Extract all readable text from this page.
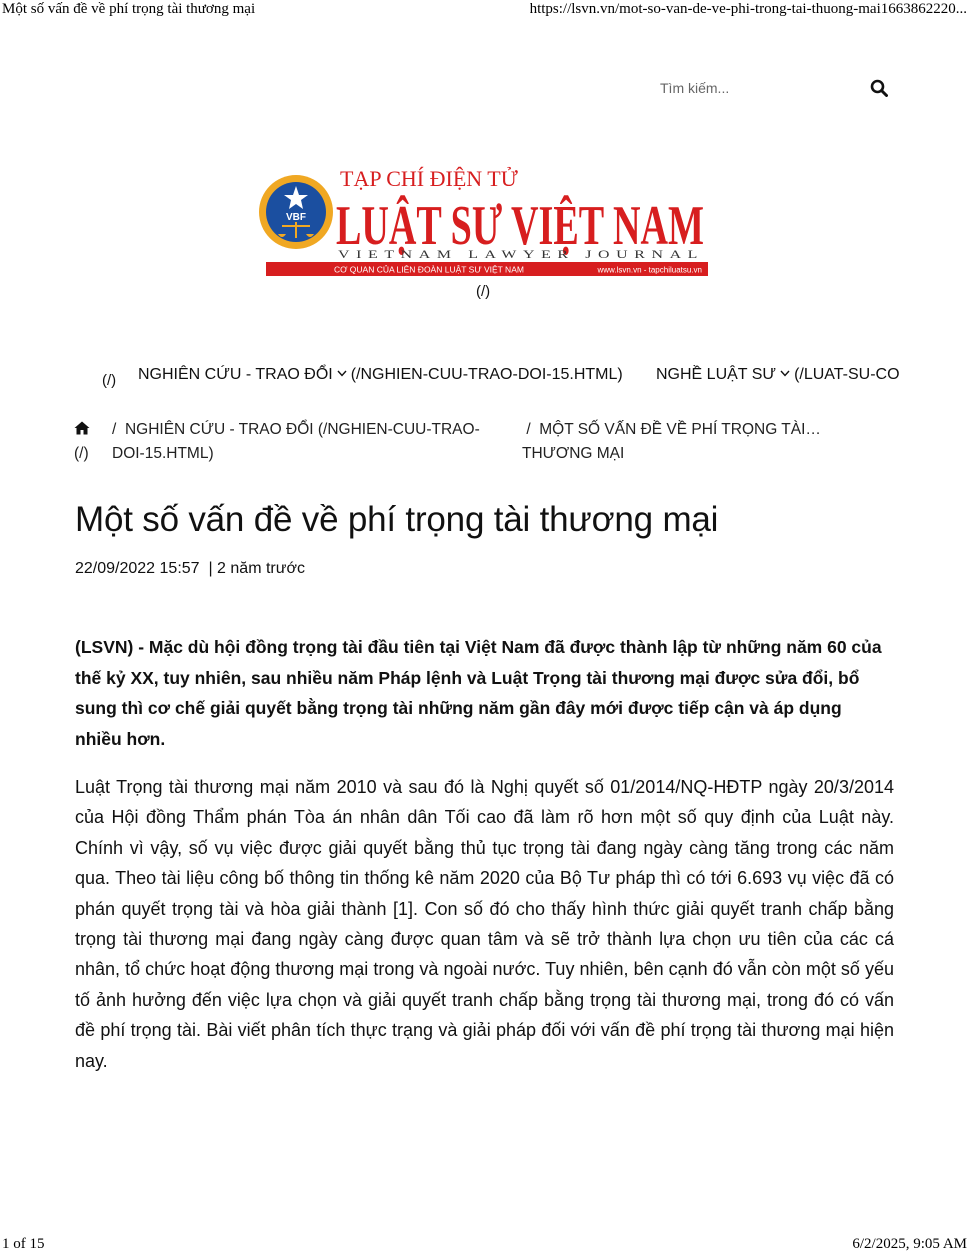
Một số vấn đề về phí trọng tài thương mại	https://lsvn.vn/mot-so-van-de-ve-phi-trong-tai-thuong-mai1663862220...
Tìm kiếm...
VBF
TẠP CHÍ ĐIỆN TỬ
LUẬT SƯ VIỆ
VIETNAM LAWYER JOURNAL
CƠ QUAN CỦA LIÊN ĐOÀN LUẬT SƯ VIỆT NAM	www.lsvn.vn - tapchiluatsu.vn
(/)
(/) NGHIÊN CỨU - TRAO ĐỔI (/NGHIEN-CUU-TRAO-DOI-15.HTML) NGHỀ LUẬT SƯ (/LUAT-SU-CO

(/)
/ NGHIÊN CỨU - TRAO ĐỔI (/NGHIEN-CUU-TRAO-DOI-15.HTML)
/ MỘT SỐ VẤN ĐỀ VỀ PHÍ TRỌNG TÀI… THƯƠNG MẠI
Một số vấn đề về phí trọng tài thương mại
22/09/2022 15:57 | 2 năm trước

(LSVN) - Mặc dù hội đồng trọng tài đầu tiên tại Việt Nam đã được thành lập từ những năm 60 của thế kỷ XX, tuy nhiên, sau nhiều năm Pháp lệnh và Luật Trọng tài thương mại được sửa đổi, bổ sung thì cơ chế giải quyết bằng trọng tài những năm gần đây mới được tiếp cận và áp dụng nhiều hơn.

Luật Trọng tài thương mại năm 2010 và sau đó là Nghị quyết số 01/2014/NQ-HĐTP ngày 20/3/2014 của Hội đồng Thẩm phán Tòa án nhân dân Tối cao đã làm rõ hơn một số quy định của Luật này. Chính vì vậy, số vụ việc được giải quyết bằng thủ tục trọng tài đang ngày càng tăng trong các năm qua. Theo tài liệu công bố thông tin thống kê năm 2020 của Bộ Tư pháp thì có tới 6.693 vụ việc đã có phán quyết trọng tài và hòa giải thành [1]. Con số đó cho thấy hình thức giải quyết tranh chấp bằng trọng tài thương mại đang ngày càng được quan tâm và sẽ trở thành lựa chọn ưu tiên của các cá nhân, tổ chức hoạt động thương mại trong và ngoài nước. Tuy nhiên, bên cạnh đó vẫn còn một số yếu tố ảnh hưởng đến việc lựa chọn và giải quyết tranh chấp bằng trọng tài thương mại, trong đó có vấn đề phí trọng tài. Bài viết phân tích thực trạng và giải pháp đối với vấn đề phí trọng tài thương mại hiện nay.

1 of 15	6/2/2025, 9:05 AM
